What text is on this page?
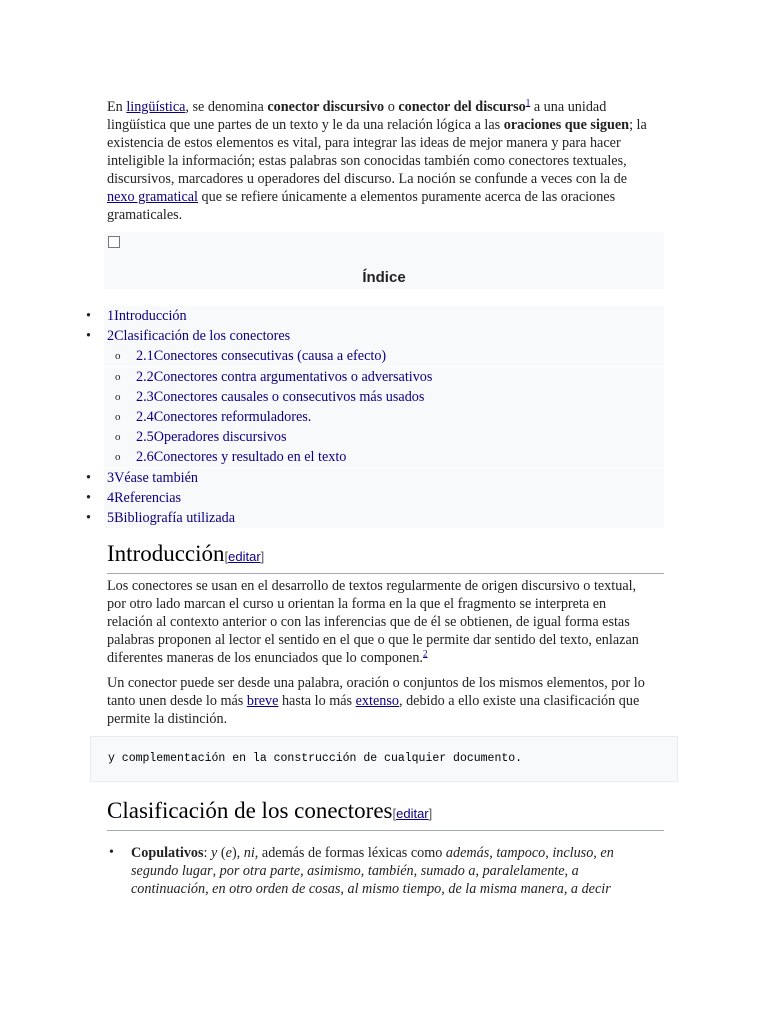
En lingüística, se denomina conector discursivo o conector del discurso$^1$ a una unidad lingüística que une partes de un texto y le da una relación lógica a las oraciones que siguen; la existencia de estos elementos es vital, para integrar las ideas de mejor manera y para hacer inteligible la información; estas palabras son conocidas también como conectores textuales, discursivos, marcadores u operadores del discurso. La noción se confunde a veces con la de nexo gramatical que se refiere únicamente a elementos puramente acerca de las oraciones gramaticales.

Índice
• 1Introducción
• 2Clasificación de los conectores
o 2.1Conectores consecutivas (causa a efecto)
o 2.2Conectores contra argumentativos o adversativos
o 2.3Conectores causales o consecutivos más usados
o 2.4Conectores reformuladores.
o 2.5Operadores discursivos
o 2.6Conectores y resultado en el texto
• 3Véase también
• 4Referencias
• 5Bibliografía utilizada
Introducción[editar]

Los conectores se usan en el desarrollo de textos regularmente de origen discursivo o textual, por otro lado marcan el curso u orientan la forma en la que el fragmento se interpreta en relación al contexto anterior o con las inferencias que de él se obtienen, de igual forma estas palabras proponen al lector el sentido en el que o que le permite dar sentido del texto, enlazan diferentes maneras de los enunciados que lo componen.$^2$

Un conector puede ser desde una palabra, oración o conjuntos de los mismos elementos, por lo tanto unen desde lo más breve hasta lo más extenso, debido a ello existe una clasificación que permite la distinción.

y complementación en la construcción de cualquier documento.
Clasificación de los conectores[editar]
• Copulativos: y (e), ni, además de formas léxicas como además, tampoco, incluso, en segundo lugar, por otra parte, asimismo, también, sumado a, paralelamente, a continuación, en otro orden de cosas, al mismo tiempo, de la misma manera, a decir
